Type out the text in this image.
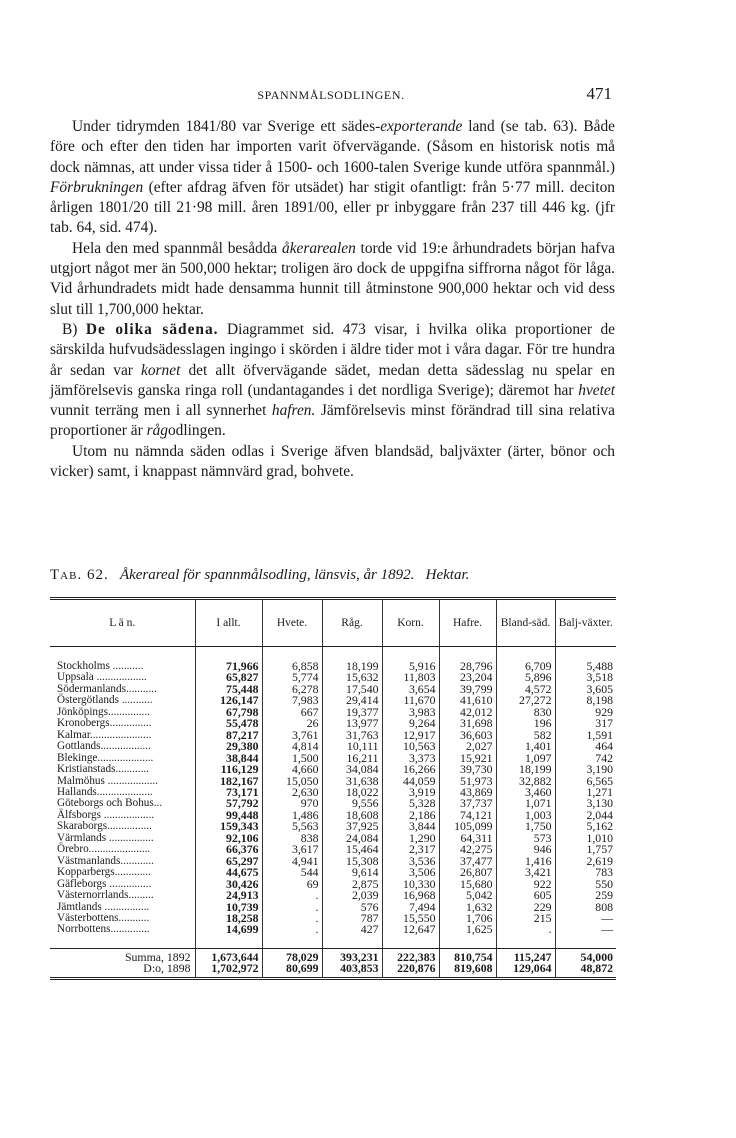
SPANNMÅLSODLINGEN.	471

Under tidrymden 1841/80 var Sverige ett sädes-exporterande land (se tab. 63). Både före och efter den tiden har importen varit öfvervägande. (Såsom en historisk notis må dock nämnas, att under vissa tider å 1500- och 1600-talen Sverige kunde utföra spannmål.) Förbrukningen (efter afdrag äfven för utsädet) har stigit ofantligt: från 5·77 mill. deciton årligen 1801/20 till 21·98 mill. åren 1891/00, eller pr inbyggare från 237 till 446 kg. (jfr tab. 64, sid. 474).

Hela den med spannmål besådda åkerarealen torde vid 19:e århundradets början hafva utgjort något mer än 500,000 hektar; troligen äro dock de uppgifna siffrorna något för låga. Vid århundradets midt hade densamma hunnit till åtminstone 900,000 hektar och vid dess slut till 1,700,000 hektar.

B) De olika sädena. Diagrammet sid. 473 visar, i hvilka olika proportioner de särskilda hufvudsädesslagen ingingo i skörden i äldre tider mot i våra dagar. För tre hundra år sedan var kornet det allt öfvervägande sädet, medan detta sädesslag nu spelar en jämförelsevis ganska ringa roll (undantagandes i det nordliga Sverige); däremot har hvetet vunnit terräng men i all synnerhet hafren. Jämförelsevis minst förändrad till sina relativa proportioner är rågodlingen.

Utom nu nämnda säden odlas i Sverige äfven blandsäd, baljväxter (ärter, bönor och vicker) samt, i knappast nämnvärd grad, bohvete.

Tab. 62. Åkerareal för spannmålsodling, länsvis, år 1892. Hektar.
L ä n.	I allt.	Hvete.	Råg.	Korn.	Hafre.	Bland-säd.	Balj-växter.
Stockholms ...........	71,966	6,858	18,199	5,916	28,796	6,709	5,488
Uppsala ..................	65,827	5,774	15,632	11,803	23,204	5,896	3,518
Södermanlands...........	75,448	6,278	17,540	3,654	39,799	4,572	3,605
Östergötlands ...........	126,147	7,983	29,414	11,670	41,610	27,272	8,198
Jönköpings...............	67,798	667	19,377	3,983	42,012	830	929
Kronobergs...............	55,478	26	13,977	9,264	31,698	196	317
Kalmar......................	87,217	3,761	31,763	12,917	36,603	582	1,591
Gottlands..................	29,380	4,814	10,111	10,563	2,027	1,401	464
Blekinge....................	38,844	1,500	16,211	3,373	15,921	1,097	742
Kristianstads............	116,129	4,660	34,084	16,266	39,730	18,199	3,190
Malmöhus ..................	182,167	15,050	31,638	44,059	51,973	32,882	6,565
Hallands....................	73,171	2,630	18,022	3,919	43,869	3,460	1,271
Göteborgs och Bohus...	57,792	970	9,556	5,328	37,737	1,071	3,130
Älfsborgs ..................	99,448	1,486	18,608	2,186	74,121	1,003	2,044
Skaraborgs................	159,343	5,563	37,925	3,844	105,099	1,750	5,162
Värmlands ................	92,106	838	24,084	1,290	64,311	573	1,010
Örebro......................	66,376	3,617	15,464	2,317	42,275	946	1,757
Västmanlands............	65,297	4,941	15,308	3,536	37,477	1,416	2,619
Kopparbergs.............	44,675	544	9,614	3,506	26,807	3,421	783
Gäfleborgs ...............	30,426	69	2,875	10,330	15,680	922	550
Västernorrlands.........	24,913	.	2,039	16,968	5,042	605	259
Jämtlands ................	10,739	.	576	7,494	1,632	229	808
Västerbottens...........	18,258	.	787	15,550	1,706	215	—
Norrbottens..............	14,699	.	427	12,647	1,625	.	—
Summa, 1892	1,673,644	78,029	393,231	222,383	810,754	115,247	54,000
D:o, 1898	1,702,972	80,699	403,853	220,876	819,608	129,064	48,872
